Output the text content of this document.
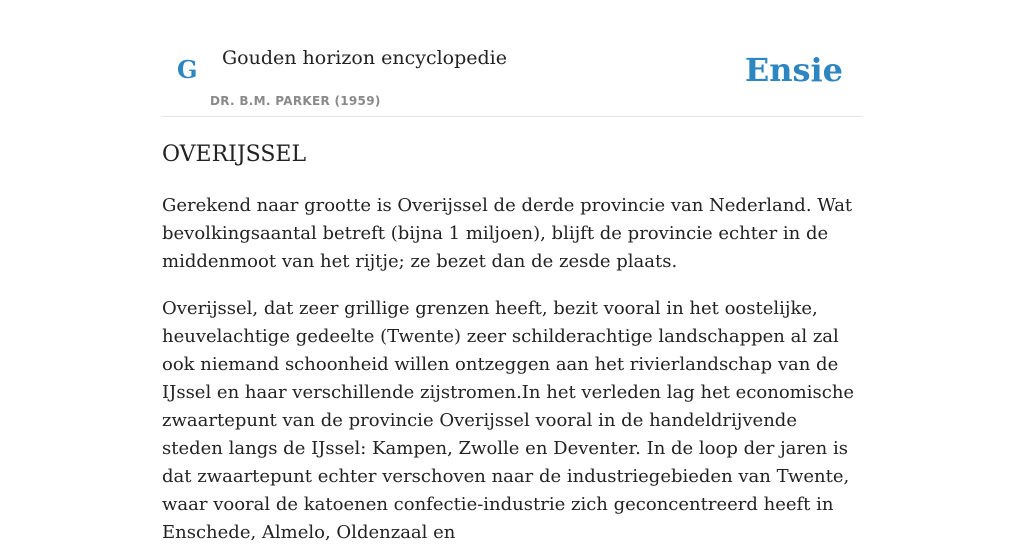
G Gouden horizon encyclopedie
DR. B.M. PARKER (1959)
Ensie
OVERIJSSEL

Gerekend naar grootte is Overijssel de derde provincie van Nederland. Wat bevolkingsaantal betreft (bijna 1 miljoen), blijft de provincie echter in de middenmoot van het rijtje; ze bezet dan de zesde plaats.

Overijssel, dat zeer grillige grenzen heeft, bezit vooral in het oostelijke, heuvelachtige gedeelte (Twente) zeer schilderachtige landschappen al zal ook niemand schoonheid willen ontzeggen aan het rivierlandschap van de IJssel en haar verschillende zijstromen.In het verleden lag het economische zwaartepunt van de provincie Overijssel vooral in de handeldrijvende steden langs de IJssel: Kampen, Zwolle en Deventer. In de loop der jaren is dat zwaartepunt echter verschoven naar de industriegebieden van Twente, waar vooral de katoenen confectie-industrie zich geconcentreerd heeft in Enschede, Almelo, Oldenzaal en
